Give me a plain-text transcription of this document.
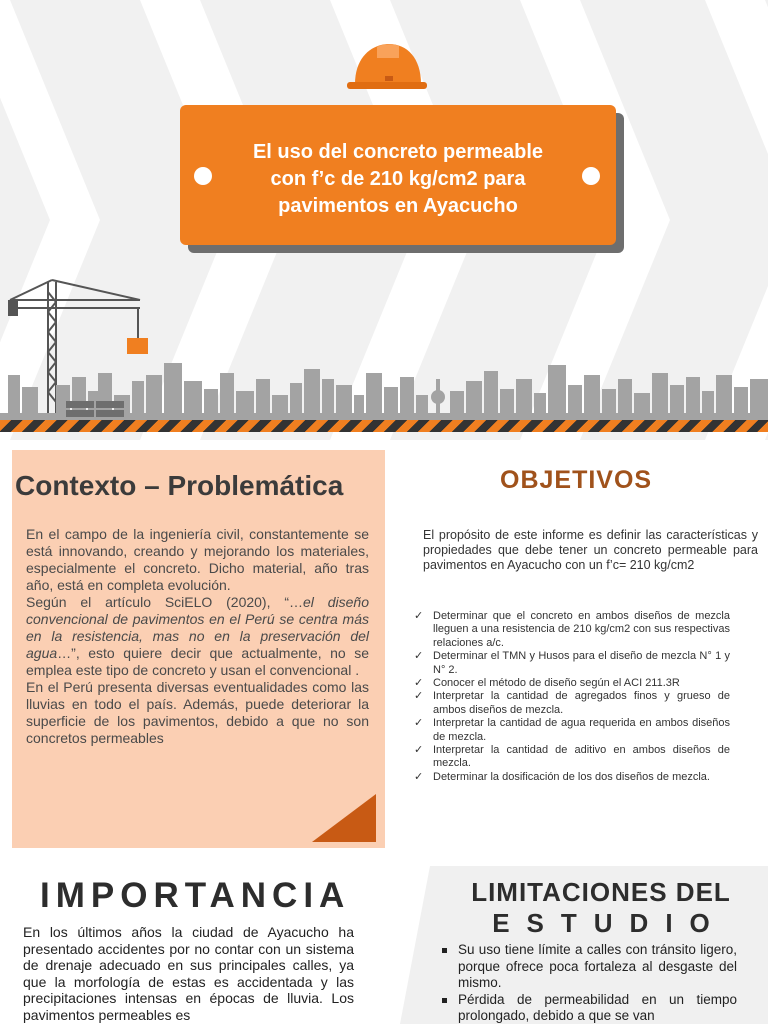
El uso del concreto permeable
con f’c de 210 kg/cm2 para
pavimentos en Ayacucho
Contexto – Problemática

En el campo de la ingeniería civil, constantemente se está innovando, creando y mejorando los materiales, especialmente el concreto. Dicho material, año tras año, está en completa evolución.

Según el artículo SciELO (2020), “…el diseño convencional de pavimentos en el Perú se centra más en la resistencia, mas no en la preservación del agua…”, esto quiere decir que actualmente, no se emplea este tipo de concreto y usan el convencional .

En el Perú presenta diversas eventualidades como las lluvias en todo el país. Además, puede deteriorar la superficie de los pavimentos, debido a que no son concretos permeables

OBJETIVOS
El propósito de este informe es definir las características y propiedades que debe tener un concreto permeable para pavimentos en Ayacucho con un f’c= 210 kg/cm2
✓ Determinar que el concreto en ambos diseños de mezcla lleguen a una resistencia de 210 kg/cm2 con sus respectivas relaciones a/c.
✓ Determinar el TMN y Husos para el diseño de mezcla N° 1 y N° 2.
✓ Conocer el método de diseño según el ACI 211.3R
✓ Interpretar la cantidad de agregados finos y grueso de ambos diseños de mezcla.
✓ Interpretar la cantidad de agua requerida en ambos diseños de mezcla.
✓ Interpretar la cantidad de aditivo en ambos diseños de mezcla.
✓ Determinar la dosificación de los dos diseños de mezcla.
IMPORTANCIA
En los últimos años la ciudad de Ayacucho ha presentado accidentes por no contar con un sistema de drenaje adecuado en sus principales calles, ya que la morfología de estas es accidentada y las precipitaciones intensas en épocas de lluvia. Los pavimentos permeables es
LIMITACIONES DEL
ESTUDIO
Su uso tiene límite a calles con tránsito ligero, porque ofrece poca fortaleza al desgaste del mismo.
Pérdida de permeabilidad en un tiempo prolongado, debido a que se van
